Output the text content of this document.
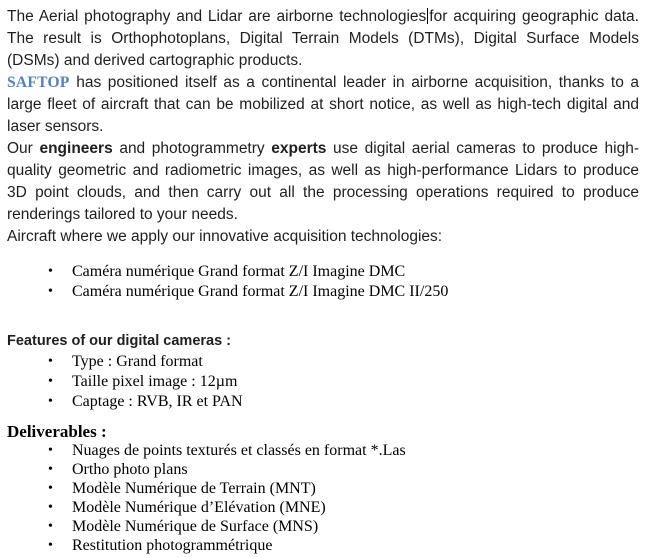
The Aerial photography and Lidar are airborne technologies for acquiring geographic data. The result is Orthophotoplans, Digital Terrain Models (DTMs), Digital Surface Models (DSMs) and derived cartographic products.

SAFTOP has positioned itself as a continental leader in airborne acquisition, thanks to a large fleet of aircraft that can be mobilized at short notice, as well as high-tech digital and laser sensors.

Our engineers and photogrammetry experts use digital aerial cameras to produce high-quality geometric and radiometric images, as well as high-performance Lidars to produce 3D point clouds, and then carry out all the processing operations required to produce renderings tailored to your needs.

Aircraft where we apply our innovative acquisition technologies:

• Caméra numérique Grand format Z/I Imagine DMC
• Caméra numérique Grand format Z/I Imagine DMC II/250

Features of our digital cameras :

• Type : Grand format
• Taille pixel image : 12µm
• Captage : RVB, IR et PAN

Deliverables :

• Nuages de points texturés et classés en format *.Las
• Ortho photo plans
• Modèle Numérique de Terrain (MNT)
• Modèle Numérique d’Elévation (MNE)
• Modèle Numérique de Surface (MNS)
• Restitution photogrammétrique
